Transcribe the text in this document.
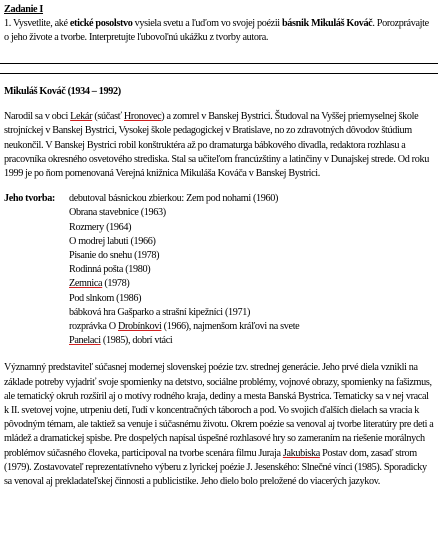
Zadanie I

1. Vysvetlite, aké etické posolstvo vysiela svetu a ľuďom vo svojej poézii básnik Mikuláš Kováč. Porozprávajte o jeho živote a tvorbe. Interpretujte ľubovoľnú ukážku z tvorby autora.

Mikuláš Kováč (1934 – 1992)

Narodil sa v obci Lekár (súčasť Hronovec) a zomrel v Banskej Bystrici. Študoval na Vyššej priemyselnej škole strojníckej v Banskej Bystrici, Vysokej škole pedagogickej v Bratislave, no zo zdravotných dôvodov štúdium neukončil. V Banskej Bystrici robil konštruktéra až po dramaturga bábkového divadla, redaktora rozhlasu a pracovníka okresného osvetového strediska. Stal sa učiteľom francúzštiny a latinčiny v Dunajskej strede. Od roku 1999 je po ňom pomenovaná Verejná knižnica Mikuláša Kováča v Banskej Bystrici.

Jeho tvorba:	debutoval básnickou zbierkou: Zem pod nohami (1960)
Obrana stavebnice (1963)
Rozmery (1964)
O modrej labuti (1966)
Pisanie do snehu (1978)
Rodinná pošta (1980)
Zemnica (1978)
Pod slnkom (1986)
bábková hra Gašparko a strašní kipežníci (1971)
rozprávka O Drobínkovi (1966), najmenšom kráľovi na svete
Panelaci (1985), dobrí vtáci

Významný predstaviteľ súčasnej modernej slovenskej poézie tzv. strednej generácie. Jeho prvé diela vznikli na základe potreby vyjadriť svoje spomienky na detstvo, sociálne problémy, vojnové obrazy, spomienky na fašizmus, ale tematický okruh rozšíril aj o motívy rodného kraja, dediny a mesta Banská Bystrica. Tematicky sa v nej vracal k II. svetovej vojne, utrpeniu detí, ľudí v koncentračných táboroch a pod. Vo svojich ďalších dielach sa vracia k pôvodným témam, ale taktiež sa venuje i súčasnému životu. Okrem poézie sa venoval aj tvorbe literatúry pre deti a mládež a dramatickej spisbe. Pre dospelých napísal úspešné rozhlasové hry so zameraním na riešenie morálnych problémov súčasného človeka, participoval na tvorbe scenára filmu Juraja Jakubiska Postav dom, zasaď strom (1979). Zostavovateľ reprezentatívneho výberu z lyrickej poézie J. Jesenského: Slnečné vínci (1985). Sporadicky sa venoval aj prekladateľskej činnosti a publicistike. Jeho dielo bolo preložené do viacerých jazykov.
